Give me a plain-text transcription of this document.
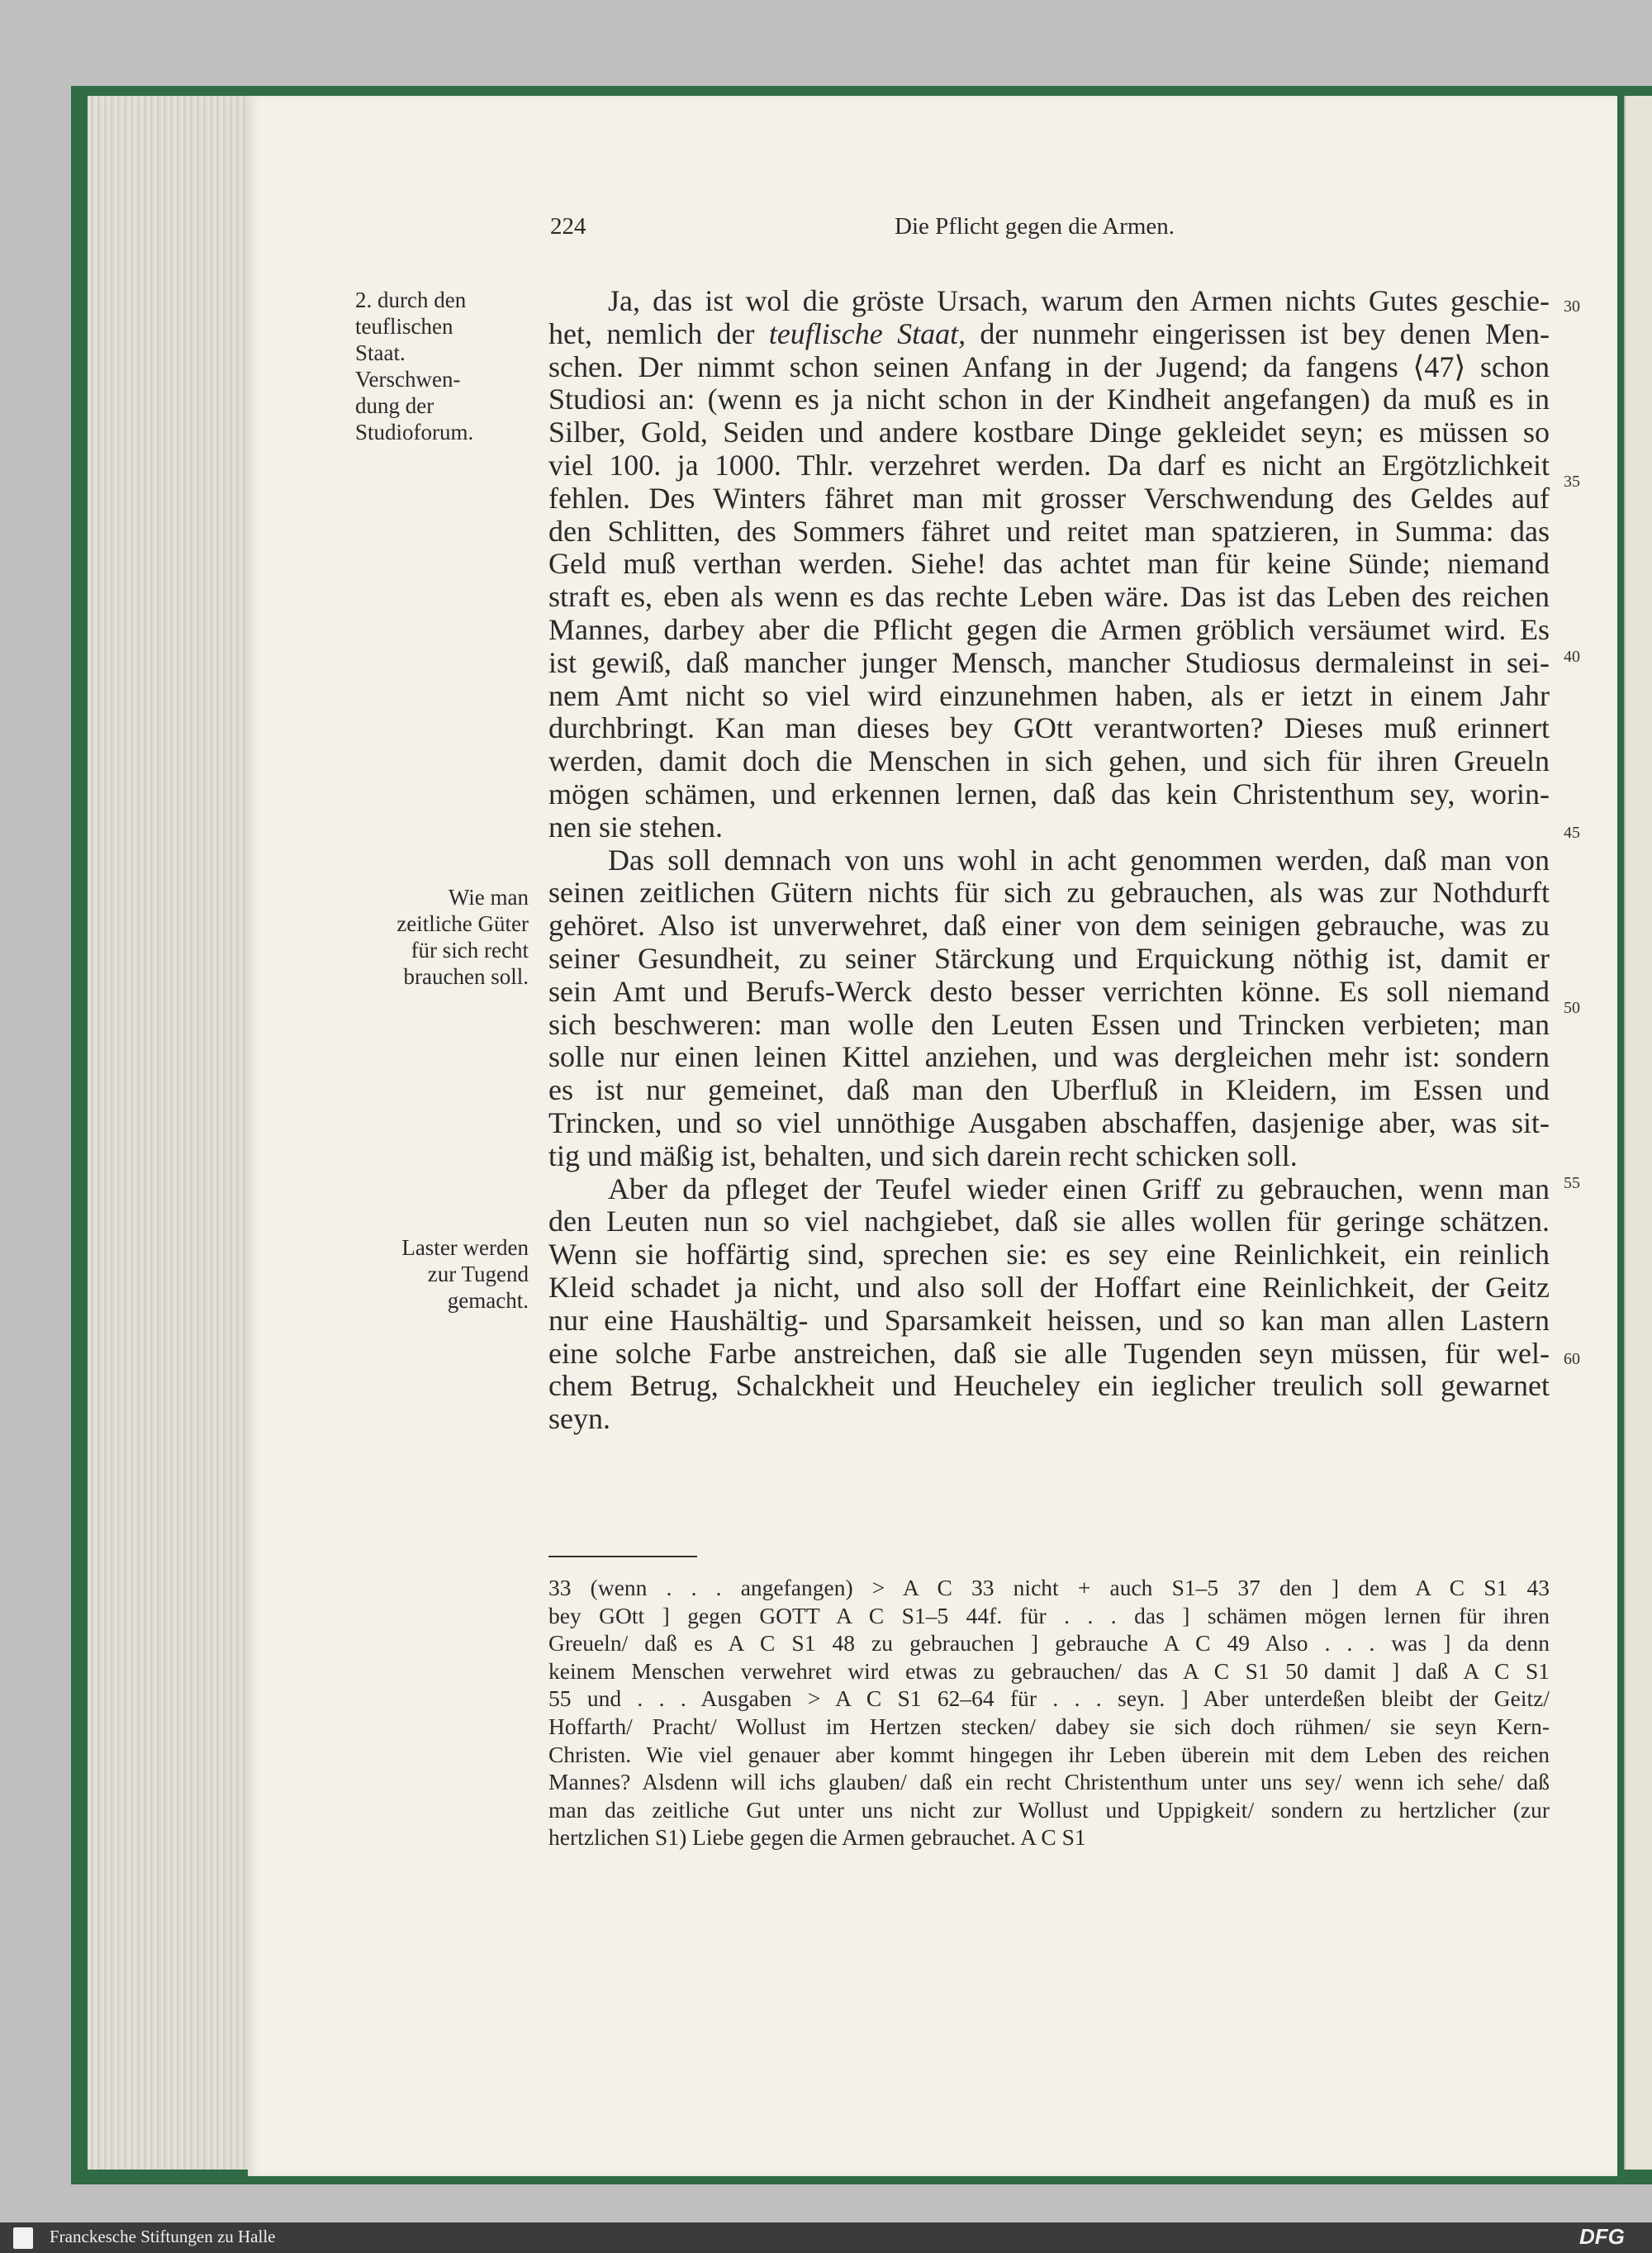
224	Die Pflicht gegen die Armen.
2. durch den
teuflischen
Staat.
Verschwen-
dung der
Studioforum.
Wie man
zeitliche Güter
für sich recht
brauchen soll.
Laster werden
zur Tugend
gemacht.
30
35
40
45
50
55
60

Ja, das ist wol die gröste Ursach, warum den Armen nichts Gutes geschie-
het, nemlich der teuflische Staat, der nunmehr eingerissen ist bey denen Men-
schen. Der nimmt schon seinen Anfang in der Jugend; da fangens ⟨47⟩ schon
Studiosi an: (wenn es ja nicht schon in der Kindheit angefangen) da muß es in
Silber, Gold, Seiden und andere kostbare Dinge gekleidet seyn; es müssen so
viel 100. ja 1000. Thlr. verzehret werden. Da darf es nicht an Ergötzlichkeit
fehlen. Des Winters fähret man mit grosser Verschwendung des Geldes auf
den Schlitten, des Sommers fähret und reitet man spatzieren, in Summa: das
Geld muß verthan werden. Siehe! das achtet man für keine Sünde; niemand
straft es, eben als wenn es das rechte Leben wäre. Das ist das Leben des reichen
Mannes, darbey aber die Pflicht gegen die Armen gröblich versäumet wird. Es
ist gewiß, daß mancher junger Mensch, mancher Studiosus dermaleinst in sei-
nem Amt nicht so viel wird einzunehmen haben, als er ietzt in einem Jahr
durchbringt. Kan man dieses bey GOtt verantworten? Dieses muß erinnert
werden, damit doch die Menschen in sich gehen, und sich für ihren Greueln
mögen schämen, und erkennen lernen, daß das kein Christenthum sey, worin-
nen sie stehen.

Das soll demnach von uns wohl in acht genommen werden, daß man von
seinen zeitlichen Gütern nichts für sich zu gebrauchen, als was zur Nothdurft
gehöret. Also ist unverwehret, daß einer von dem seinigen gebrauche, was zu
seiner Gesundheit, zu seiner Stärckung und Erquickung nöthig ist, damit er
sein Amt und Berufs-Werck desto besser verrichten könne. Es soll niemand
sich beschweren: man wolle den Leuten Essen und Trincken verbieten; man
solle nur einen leinen Kittel anziehen, und was dergleichen mehr ist: sondern
es ist nur gemeinet, daß man den Uberfluß in Kleidern, im Essen und
Trincken, und so viel unnöthige Ausgaben abschaffen, dasjenige aber, was sit-
tig und mäßig ist, behalten, und sich darein recht schicken soll.

Aber da pfleget der Teufel wieder einen Griff zu gebrauchen, wenn man
den Leuten nun so viel nachgiebet, daß sie alles wollen für geringe schätzen.
Wenn sie hoffärtig sind, sprechen sie: es sey eine Reinlichkeit, ein reinlich
Kleid schadet ja nicht, und also soll der Hoffart eine Reinlichkeit, der Geitz
nur eine Haushältig- und Sparsamkeit heissen, und so kan man allen Lastern
eine solche Farbe anstreichen, daß sie alle Tugenden seyn müssen, für wel-
chem Betrug, Schalckheit und Heucheley ein ieglicher treulich soll gewarnet
seyn.

33 (wenn . . . angefangen) > A C 33 nicht + auch S1–5 37 den ] dem A C S1 43
bey GOtt ] gegen GOTT A C S1–5 44f. für . . . das ] schämen mögen lernen für ihren
Greueln/ daß es A C S1 48 zu gebrauchen ] gebrauche A C 49 Also . . . was ] da denn
keinem Menschen verwehret wird etwas zu gebrauchen/ das A C S1 50 damit ] daß A C S1
55 und . . . Ausgaben > A C S1 62–64 für . . . seyn. ] Aber unterdeßen bleibt der Geitz/
Hoffarth/ Pracht/ Wollust im Hertzen stecken/ dabey sie sich doch rühmen/ sie seyn Kern-
Christen. Wie viel genauer aber kommt hingegen ihr Leben überein mit dem Leben des reichen
Mannes? Alsdenn will ichs glauben/ daß ein recht Christenthum unter uns sey/ wenn ich sehe/ daß
man das zeitliche Gut unter uns nicht zur Wollust und Uppigkeit/ sondern zu hertzlicher (zur
hertzlichen S1) Liebe gegen die Armen gebrauchet. A C S1
Franckesche Stiftungen zu Halle	DFG
